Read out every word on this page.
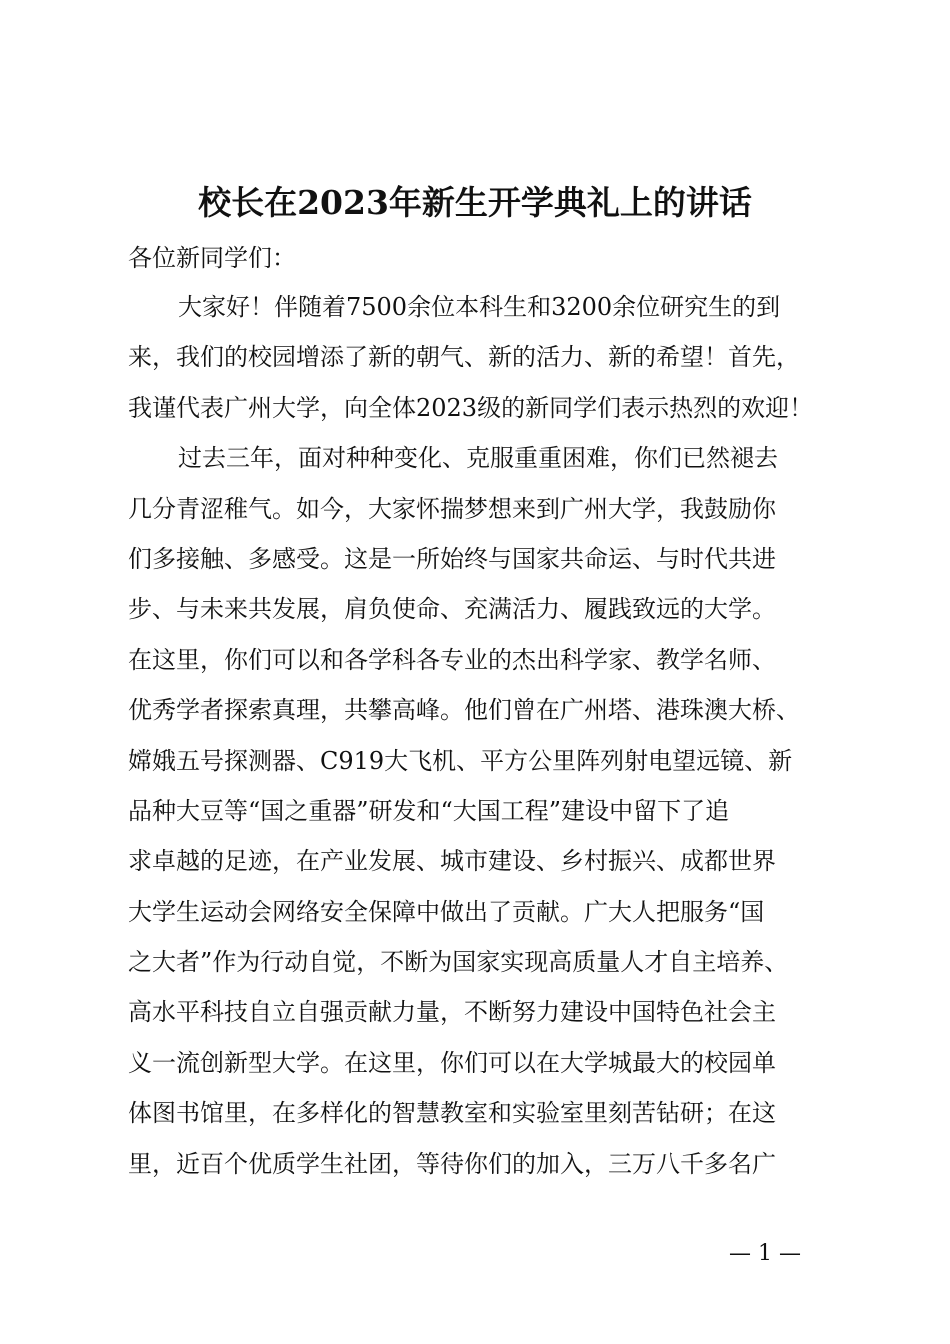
校长在2023年新生开学典礼上的讲话
各位新同学们：
大家好！伴随着7500余位本科生和3200余位研究生的到
来，我们的校园增添了新的朝气、新的活力、新的希望！首先，
我谨代表广州大学，向全体2023级的新同学们表示热烈的欢迎！
过去三年，面对种种变化、克服重重困难，你们已然褪去
几分青涩稚气。如今，大家怀揣梦想来到广州大学，我鼓励你
们多接触、多感受。这是一所始终与国家共命运、与时代共进
步、与未来共发展，肩负使命、充满活力、履践致远的大学。
在这里，你们可以和各学科各专业的杰出科学家、教学名师、
优秀学者探索真理，共攀高峰。他们曾在广州塔、港珠澳大桥、
嫦娥五号探测器、C919大飞机、平方公里阵列射电望远镜、新
品种大豆等“国之重器”研发和“大国工程”建设中留下了追
求卓越的足迹，在产业发展、城市建设、乡村振兴、成都世界
大学生运动会网络安全保障中做出了贡献。广大人把服务“国
之大者”作为行动自觉，不断为国家实现高质量人才自主培养、
高水平科技自立自强贡献力量，不断努力建设中国特色社会主
义一流创新型大学。在这里，你们可以在大学城最大的校园单
体图书馆里，在多样化的智慧教室和实验室里刻苦钻研；在这
里，近百个优质学生社团，等待你们的加入，三万八千多名广
— 1 —
